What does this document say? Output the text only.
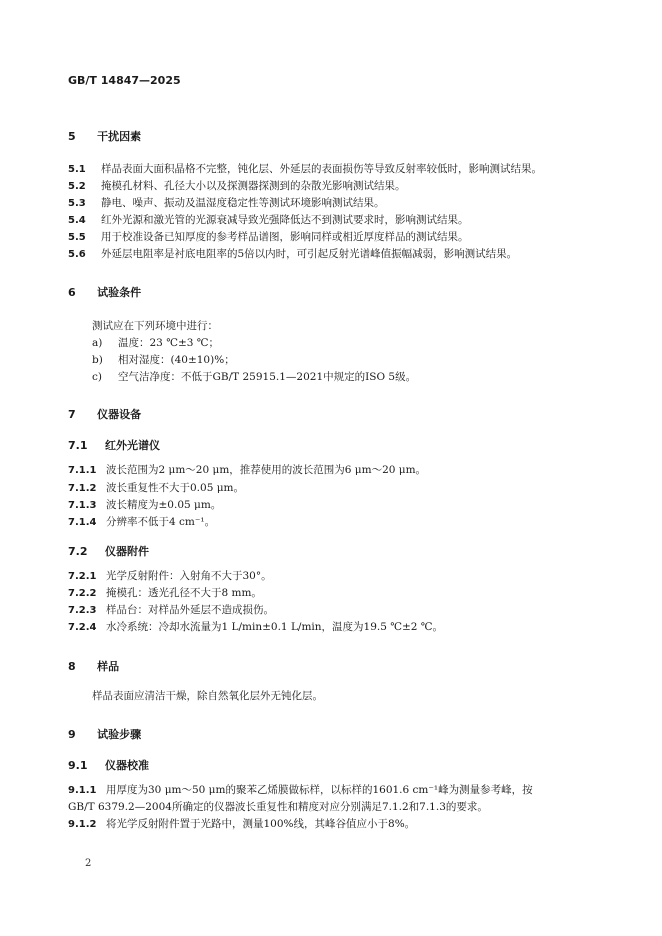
GB/T 14847—2025
5 干扰因素
5.1 样品表面大面积晶格不完整，钝化层、外延层的表面损伤等导致反射率较低时，影响测试结果。
5.2 掩模孔材料、孔径大小以及探测器探测到的杂散光影响测试结果。
5.3 静电、噪声、振动及温湿度稳定性等测试环境影响测试结果。
5.4 红外光源和激光管的光源衰减导致光强降低达不到测试要求时，影响测试结果。
5.5 用于校准设备已知厚度的参考样品谱图，影响同样或相近厚度样品的测试结果。
5.6 外延层电阻率是衬底电阻率的5倍以内时，可引起反射光谱峰值振幅减弱，影响测试结果。
6 试验条件
测试应在下列环境中进行：
a) 温度：23 ℃±3 ℃；
b) 相对湿度：(40±10)%；
c) 空气洁净度：不低于GB/T 25915.1—2021中规定的ISO 5级。
7 仪器设备
7.1 红外光谱仪
7.1.1 波长范围为2 μm～20 μm，推荐使用的波长范围为6 μm～20 μm。
7.1.2 波长重复性不大于0.05 μm。
7.1.3 波长精度为±0.05 μm。
7.1.4 分辨率不低于4 cm⁻¹。
7.2 仪器附件
7.2.1 光学反射附件：入射角不大于30°。
7.2.2 掩模孔：透光孔径不大于8 mm。
7.2.3 样品台：对样品外延层不造成损伤。
7.2.4 水冷系统：冷却水流量为1 L/min±0.1 L/min，温度为19.5 ℃±2 ℃。
8 样品
样品表面应清洁干燥，除自然氧化层外无钝化层。
9 试验步骤
9.1 仪器校准
9.1.1 用厚度为30 μm～50 μm的聚苯乙烯膜做标样，以标样的1601.6 cm⁻¹峰为测量参考峰，按
GB/T 6379.2—2004所确定的仪器波长重复性和精度对应分别满足7.1.2和7.1.3的要求。
9.1.2 将光学反射附件置于光路中，测量100%线，其峰谷值应小于8%。
2
